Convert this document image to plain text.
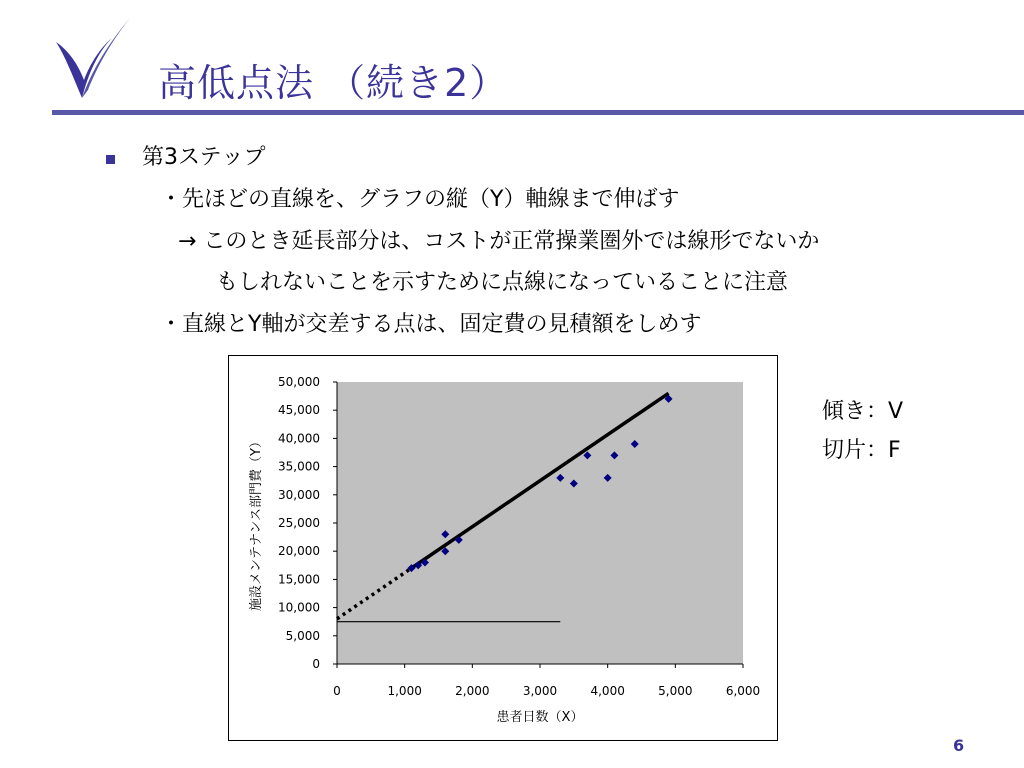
高低点法 （続き2）
第3ステップ
・先ほどの直線を、グラフの縦（Y）軸線まで伸ばす
→ このとき延長部分は、コストが正常操業圏外では線形でないか
もしれないことを示すために点線になっていることに注意
・直線とY軸が交差する点は、固定費の見積額をしめす
0
5,000
10,000
15,000
20,000
25,000
30,000
35,000
40,000
45,000
50,000
0	1,000	2,000	3,000	4,000	5,000	6,000
患者日数（X）
施設メンテナンス部門費（Y）
傾き：V
切片：F
6
